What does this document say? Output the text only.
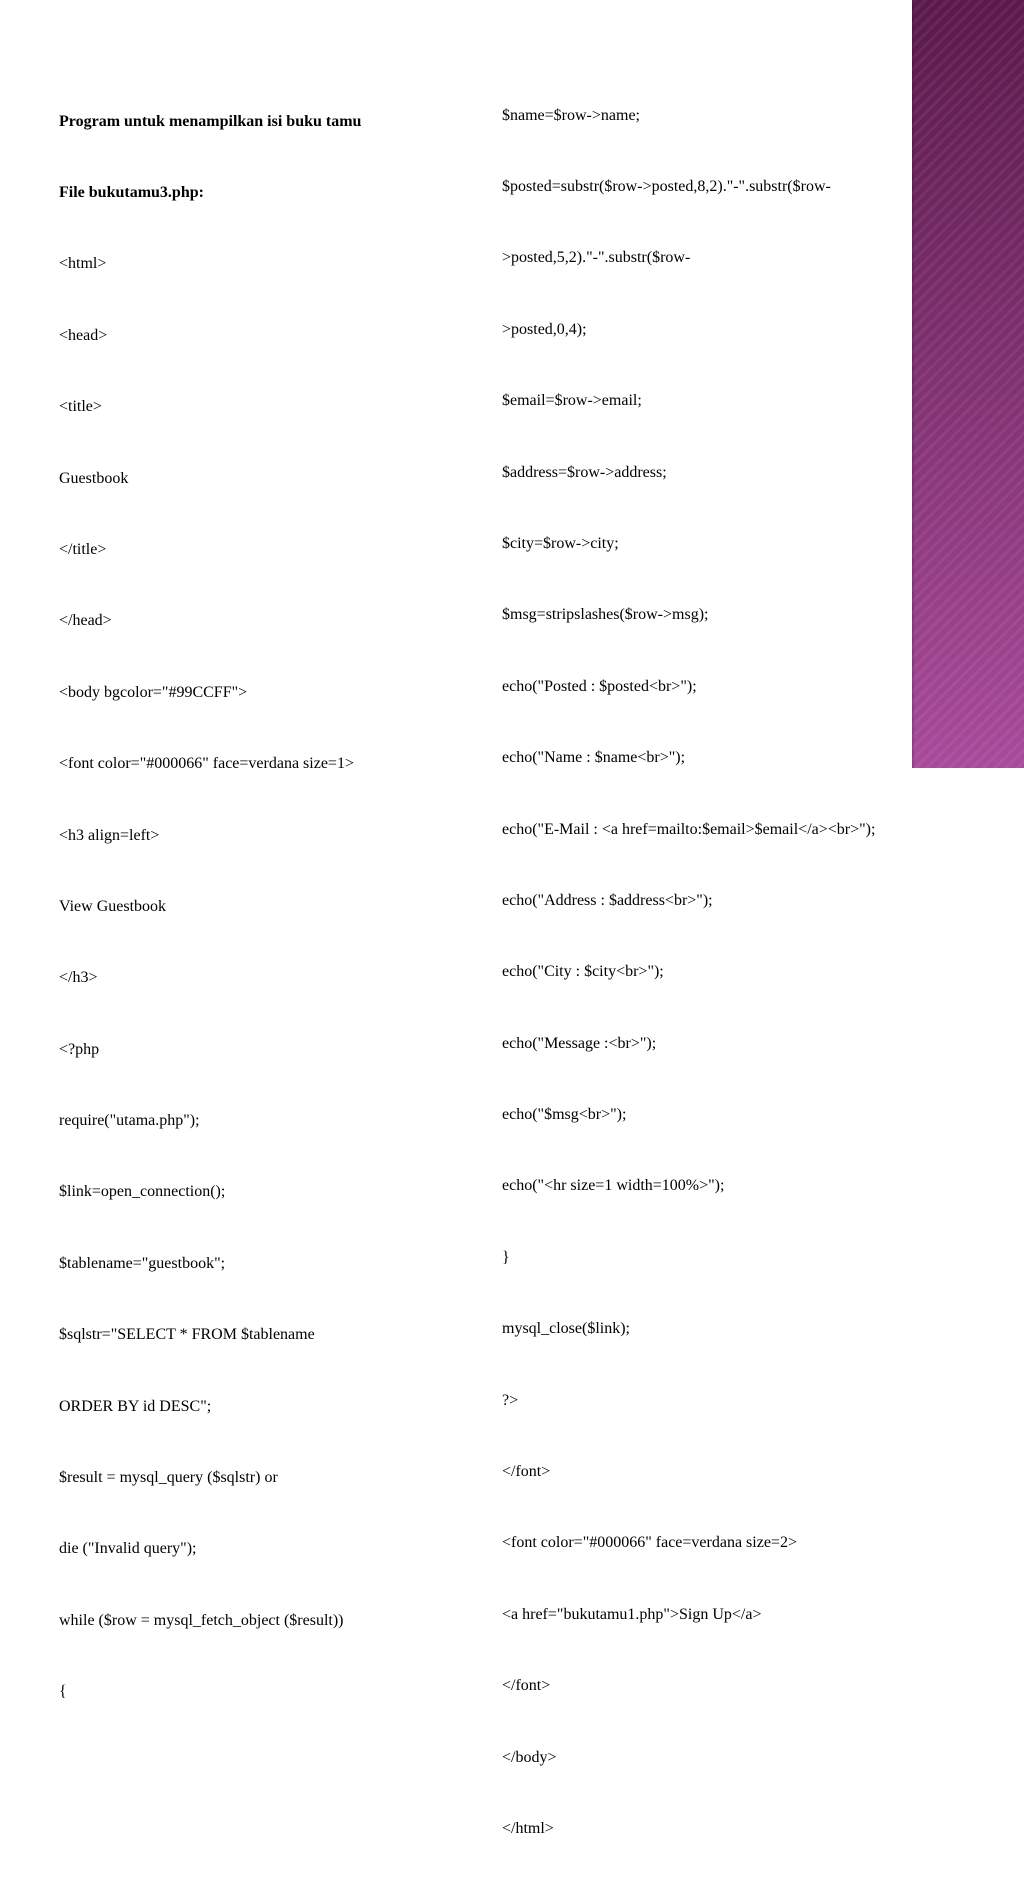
Program untuk menampilkan isi buku tamu

File bukutamu3.php:

<html>

<head>

<title>

Guestbook

</title>

</head>

<body bgcolor="#99CCFF">

<font color="#000066" face=verdana size=1>

<h3 align=left>

View Guestbook

</h3>

<?php

require("utama.php");

$link=open_connection();

$tablename="guestbook";

$sqlstr="SELECT * FROM $tablename

ORDER BY id DESC";

$result = mysql_query ($sqlstr) or

die ("Invalid query");

while ($row = mysql_fetch_object ($result))

{

$name=$row->name;

$posted=substr($row->posted,8,2)."-".substr($row-

>posted,5,2)."-".substr($row-

>posted,0,4);

$email=$row->email;

$address=$row->address;

$city=$row->city;

$msg=stripslashes($row->msg);

echo("Posted : $posted<br>");

echo("Name : $name<br>");

echo("E-Mail : <a href=mailto:$email>$email</a><br>");

echo("Address : $address<br>");

echo("City : $city<br>");

echo("Message :<br>");

echo("$msg<br>");

echo("<hr size=1 width=100%>");

}

mysql_close($link);

?>

</font>

<font color="#000066" face=verdana size=2>

<a href="bukutamu1.php">Sign Up</a>

</font>

</body>

</html>
